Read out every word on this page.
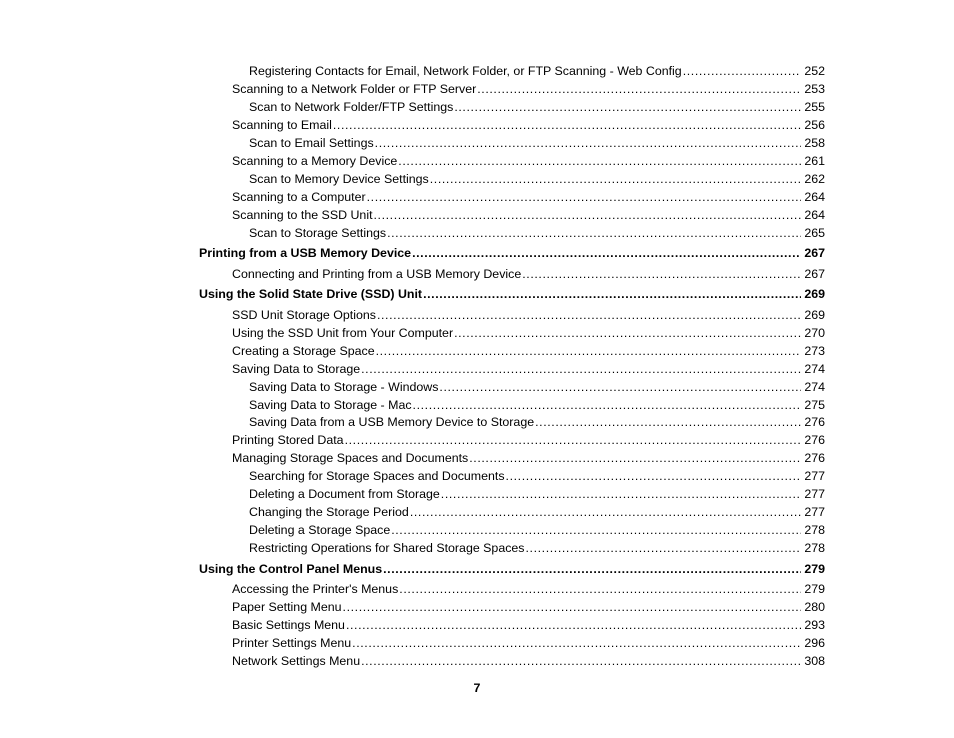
Registering Contacts for Email, Network Folder, or FTP Scanning - Web Config .....	252
Scanning to a Network Folder or FTP Server .....	253
Scan to Network Folder/FTP Settings .....	255
Scanning to Email .....	256
Scan to Email Settings .....	258
Scanning to a Memory Device .....	261
Scan to Memory Device Settings .....	262
Scanning to a Computer .....	264
Scanning to the SSD Unit .....	264
Scan to Storage Settings .....	265
Printing from a USB Memory Device .....	267
Connecting and Printing from a USB Memory Device .....	267
Using the Solid State Drive (SSD) Unit .....	269
SSD Unit Storage Options .....	269
Using the SSD Unit from Your Computer .....	270
Creating a Storage Space .....	273
Saving Data to Storage .....	274
Saving Data to Storage - Windows .....	274
Saving Data to Storage - Mac .....	275
Saving Data from a USB Memory Device to Storage .....	276
Printing Stored Data .....	276
Managing Storage Spaces and Documents .....	276
Searching for Storage Spaces and Documents .....	277
Deleting a Document from Storage .....	277
Changing the Storage Period .....	277
Deleting a Storage Space .....	278
Restricting Operations for Shared Storage Spaces .....	278
Using the Control Panel Menus .....	279
Accessing the Printer's Menus .....	279
Paper Setting Menu .....	280
Basic Settings Menu .....	293
Printer Settings Menu .....	296
Network Settings Menu .....	308
7
